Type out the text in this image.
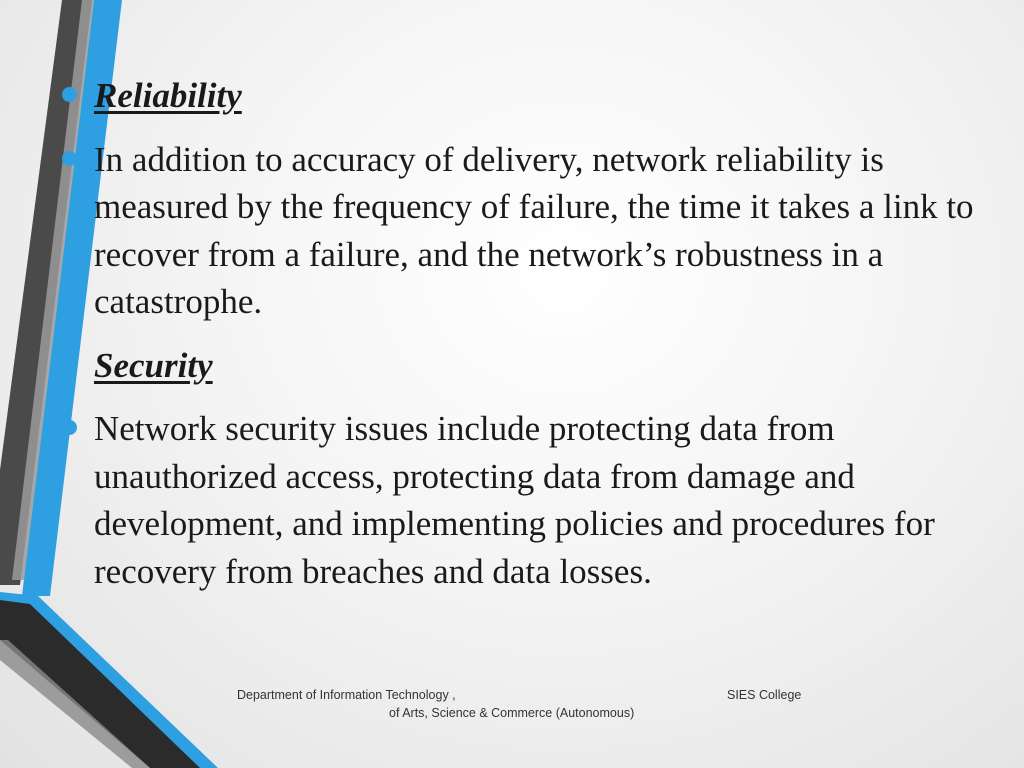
Reliability
In addition to accuracy of delivery, network reliability is measured by the frequency of failure, the time it takes a link to recover from a failure, and the network’s robustness in a catastrophe.
Security
Network security issues include protecting data from unauthorized access, protecting data from damage and development, and implementing policies and procedures for recovery from breaches and data losses.
Department of Information Technology ,	SIES College
of Arts, Science & Commerce (Autonomous)
